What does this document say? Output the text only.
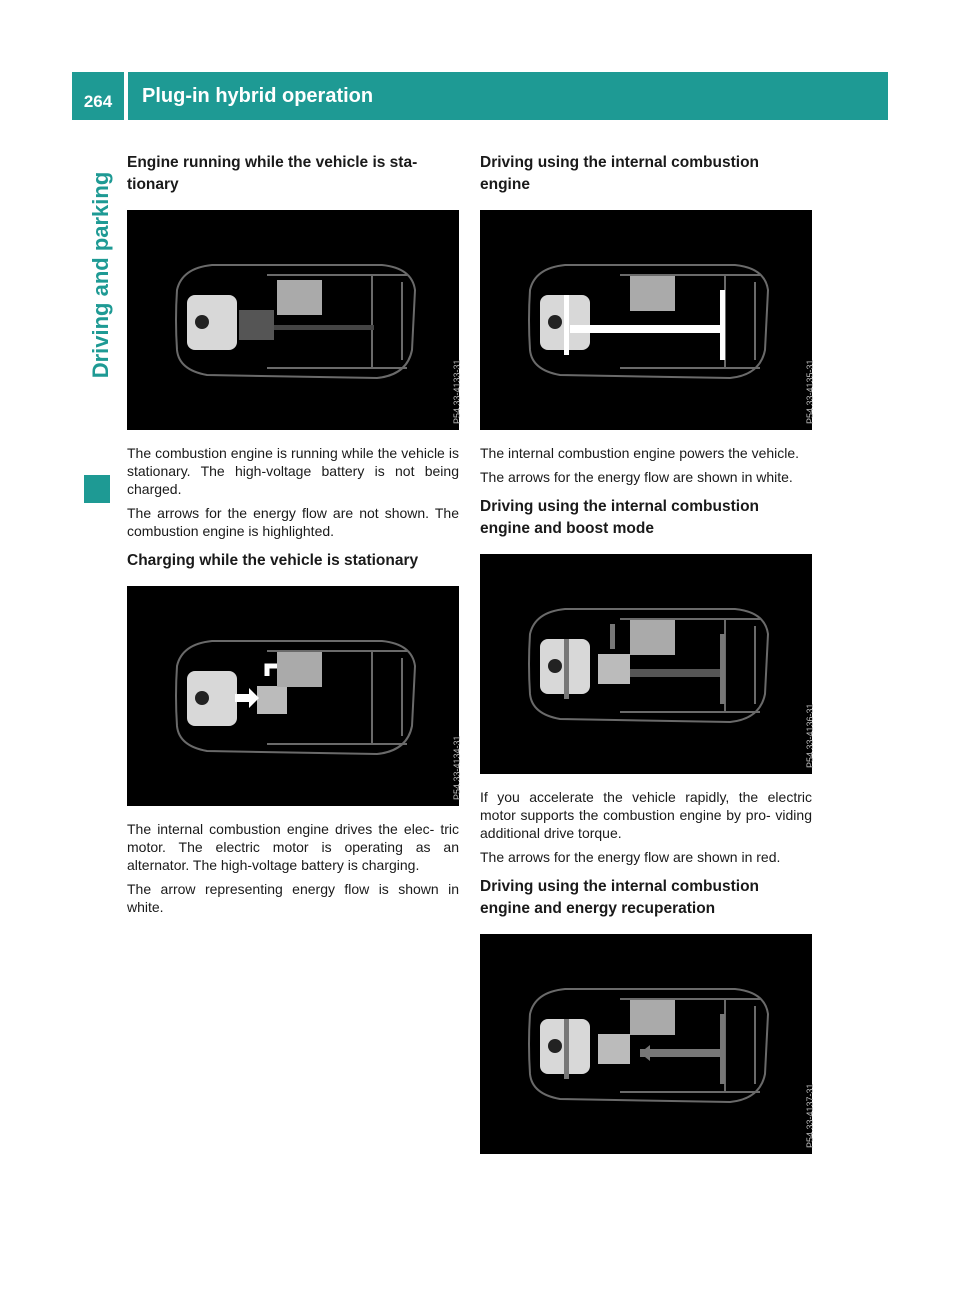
264	Plug-in hybrid operation
Driving and parking
Engine running while the vehicle is sta- tionary
P54.33-4133-31

The combustion engine is running while the vehicle is stationary. The high-voltage battery is not being charged.

The arrows for the energy flow are not shown. The combustion engine is highlighted.

Charging while the vehicle is stationary
P54.33-4134-31

The internal combustion engine drives the elec- tric motor. The electric motor is operating as an alternator. The high-voltage battery is charging.

The arrow representing energy flow is shown in white.

Driving using the internal combustion engine
P54.33-4135-31

The internal combustion engine powers the vehicle.

The arrows for the energy flow are shown in white.

Driving using the internal combustion engine and boost mode
P54.33-4136-31

If you accelerate the vehicle rapidly, the electric motor supports the combustion engine by pro- viding additional drive torque.

The arrows for the energy flow are shown in red.

Driving using the internal combustion engine and energy recuperation
P54.33-4137-31
